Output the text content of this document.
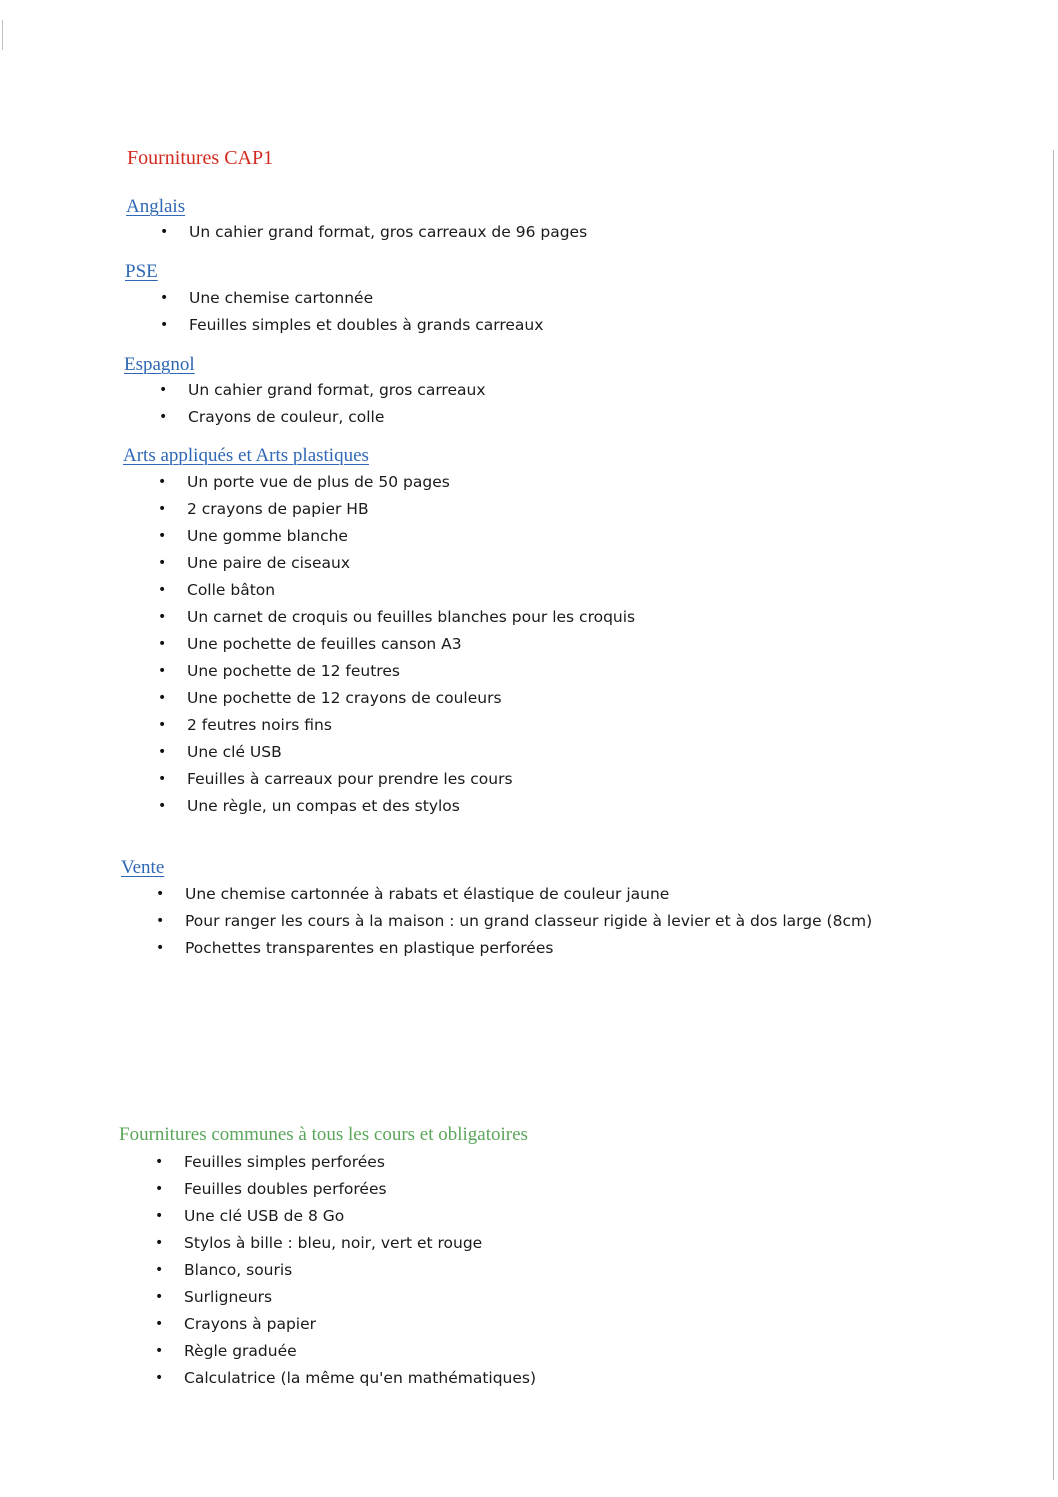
Fournitures CAP1
Anglais
•	Un cahier grand format, gros carreaux de 96 pages
PSE
•	Une chemise cartonnée
•	Feuilles simples et doubles à grands carreaux
Espagnol
•	Un cahier grand format, gros carreaux
•	Crayons de couleur, colle
Arts appliqués et Arts plastiques
•	Un porte vue de plus de 50 pages
•	2 crayons de papier HB
•	Une gomme blanche
•	Une paire de ciseaux
•	Colle bâton
•	Un carnet de croquis ou feuilles blanches pour les croquis
•	Une pochette de feuilles canson A3
•	Une pochette de 12 feutres
•	Une pochette de 12 crayons de couleurs
•	2 feutres noirs fins
•	Une clé USB
•	Feuilles à carreaux pour prendre les cours
•	Une règle, un compas et des stylos
Vente
•	Une chemise cartonnée à rabats et élastique de couleur jaune
•	Pour ranger les cours à la maison : un grand classeur rigide à levier et à dos large (8cm)
•	Pochettes transparentes en plastique perforées
Fournitures communes à tous les cours et obligatoires
•	Feuilles simples perforées
•	Feuilles doubles perforées
•	Une clé USB de 8 Go
•	Stylos à bille : bleu, noir, vert et rouge
•	Blanco, souris
•	Surligneurs
•	Crayons à papier
•	Règle graduée
•	Calculatrice (la même qu'en mathématiques)
